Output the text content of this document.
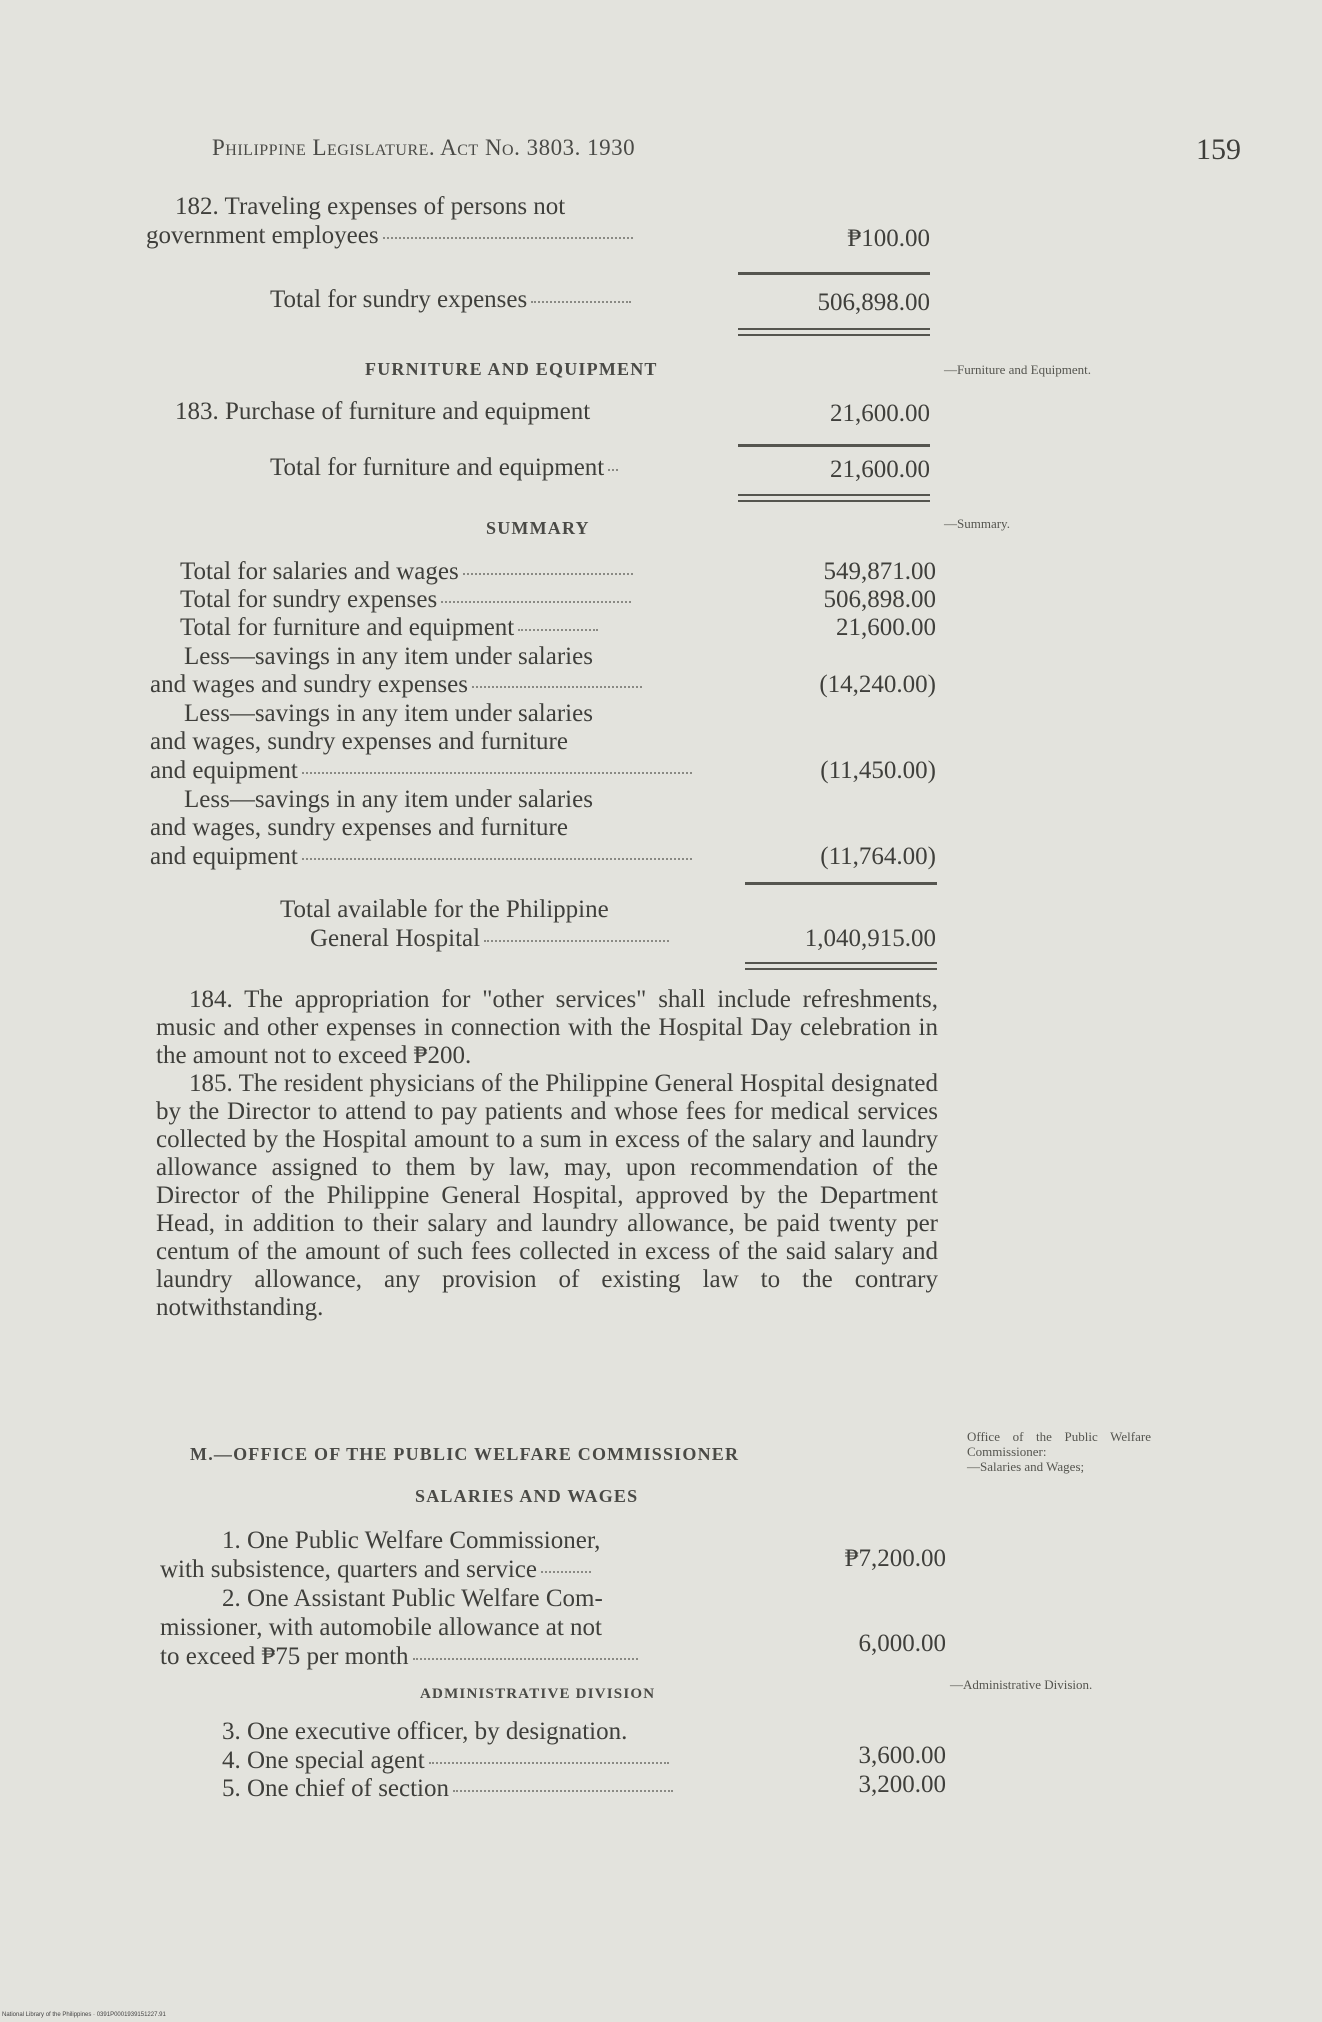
Philippine Legislature. Act No. 3803. 1930	159
182. Traveling expenses of persons not
government employees	₱100.00
Total for sundry expenses	506,898.00
FURNITURE AND EQUIPMENT	—Furniture and Equipment.
183. Purchase of furniture and equipment	21,600.00
Total for furniture and equipment	21,600.00
SUMMARY	—Summary.
Total for salaries and wages	549,871.00
Total for sundry expenses	506,898.00
Total for furniture and equipment	21,600.00
Less—savings in any item under salaries
and wages and sundry expenses	(14,240.00)
Less—savings in any item under salaries
and wages, sundry expenses and furniture
and equipment	(11,450.00)
Less—savings in any item under salaries
and wages, sundry expenses and furniture
and equipment	(11,764.00)
Total available for the Philippine
General Hospital	1,040,915.00

184. The appropriation for "other services" shall include refreshments, music and other expenses in connection with the Hospital Day celebration in the amount not to exceed ₱200.

185. The resident physicians of the Philippine General Hospital designated by the Director to attend to pay patients and whose fees for medical services collected by the Hospital amount to a sum in excess of the salary and laundry allowance assigned to them by law, may, upon recommendation of the Director of the Philippine General Hospital, approved by the Department Head, in addition to their salary and laundry allowance, be paid twenty per centum of the amount of such fees collected in excess of the said salary and laundry allowance, any provision of existing law to the contrary notwithstanding.

M.—OFFICE OF THE PUBLIC WELFARE COMMISSIONER
Office of the Public Welfare Commissioner:
—Salaries and Wages;
SALARIES AND WAGES
1. One Public Welfare Commissioner,
with subsistence, quarters and service	₱7,200.00
2. One Assistant Public Welfare Com-
missioner, with automobile allowance at not
to exceed ₱75 per month	6,000.00
ADMINISTRATIVE DIVISION
—Administrative Division.
3. One executive officer, by designation.
4. One special agent	3,600.00
5. One chief of section	3,200.00
National Library of the Philippines · 0391P0001939151227.91
